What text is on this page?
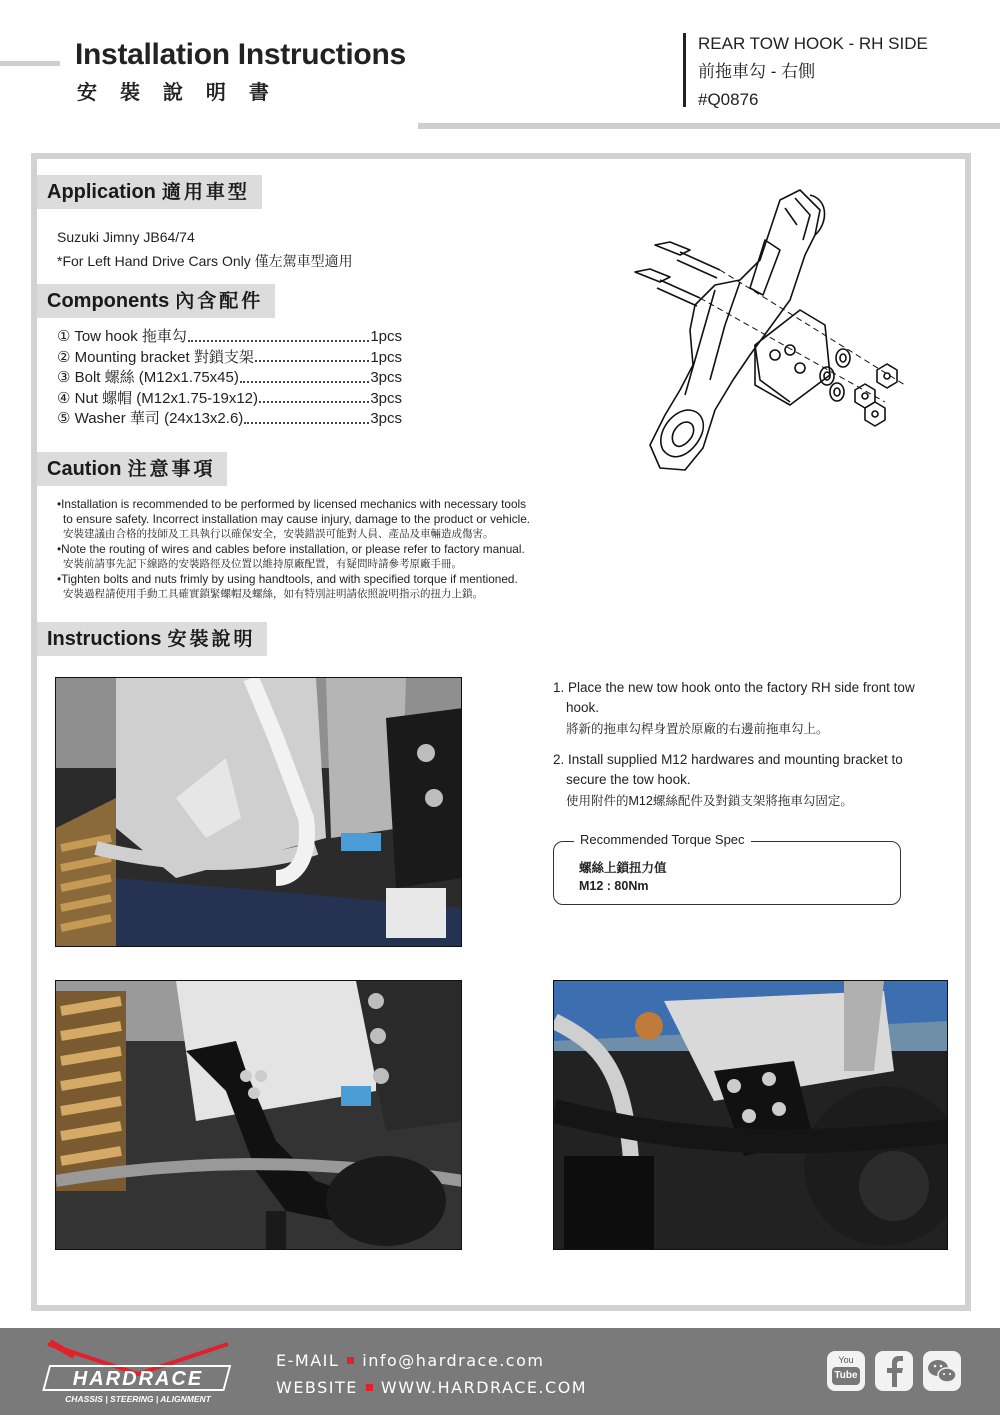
Installation Instructions
安 裝 說 明 書
REAR TOW HOOK - RH SIDE
前拖車勾 - 右側
#Q0876
Application 適用車型
Suzuki Jimny JB64/74
*For Left Hand Drive Cars Only 僅左駕車型適用
Components 內含配件
① Tow hook 拖車勾	1pcs
② Mounting bracket 對鎖支架	1pcs
③ Bolt 螺絲 (M12x1.75x45)	3pcs
④ Nut 螺帽 (M12x1.75-19x12)	3pcs
⑤ Washer 華司 (24x13x2.6)	3pcs
Caution 注意事項
•Installation is recommended to be performed by licensed mechanics with necessary tools
to ensure safety. Incorrect installation may cause injury, damage to the product or vehicle.
安裝建議由合格的技師及工具執行以確保安全，安裝錯誤可能對人員、產品及車輛造成傷害。
•Note the routing of wires and cables before installation, or please refer to factory manual.
安裝前請事先記下線路的安裝路徑及位置以維持原廠配置，有疑問時請參考原廠手冊。
•Tighten bolts and nuts frimly by using handtools, and with specified torque if mentioned.
安裝過程請使用手動工具確實鎖緊螺帽及螺絲，如有特別註明請依照說明指示的扭力上鎖。
Instructions 安裝說明
1. Place the new tow hook onto the factory RH side front tow
hook.
將新的拖車勾桿身置於原廠的右邊前拖車勾上。
2. Install supplied M12 hardwares and mounting bracket to
secure the tow hook.
使用附件的M12螺絲配件及對鎖支架將拖車勾固定。
Recommended Torque Spec
螺絲上鎖扭力值
M12 : 80Nm
HARDRACE
CHASSIS | STEERING | ALIGNMENT
E-MAIL info@hardrace.com
WEBSITE WWW.HARDRACE.COM
You
Tube
